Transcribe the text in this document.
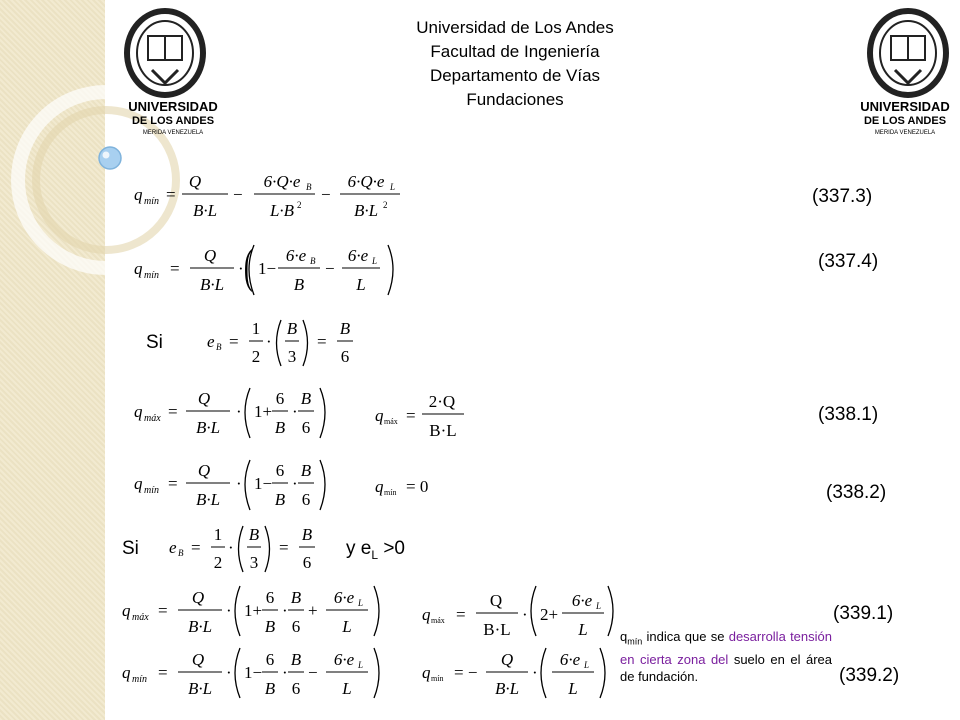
Universidad de Los Andes
Facultad de Ingeniería
Departamento de Vías
Fundaciones
UNIVERSIDAD
DE LOS ANDES
MERIDA VENEZUELA
UNIVERSIDAD
DE LOS ANDES
MERIDA VENEZUELA
q mín =
Q
B·L
−
6·Q·e B
L·B 2
−
6·Q·e L
B·L 2	(337.3)
q mín =
Q
B·L
· ( 1−
6·e B
B
−
6·e L
L
(337.4)
Si	e B =
1
2
·
B
3
=
B
6
q máx =
Q
B·L
· 1+
6
B
·
B
6
q máx =
2·Q
B·L
(338.1)
q mín =
Q
B·L
· 1−
6
B
·
B
6
q mín = 0	(338.2)
Si e B =
1
2
·
B
3
=
B
6
y $e_L >0$
q máx =
Q
B·L
· 1+
6
B
·
B
6
+
6·e L
L
q máx =
Q
B·L
· 2+
6·e L
L
(339.1)
q mín =
Q
B·L
· 1−
6
B
·
B
6
−
6·e L
L
q mín = −
Q
B·L
·
6·e L
L
(339.2)
$q_{mín}$ indica que se desarrolla tensión en cierta zona del suelo en el área de fundación.
